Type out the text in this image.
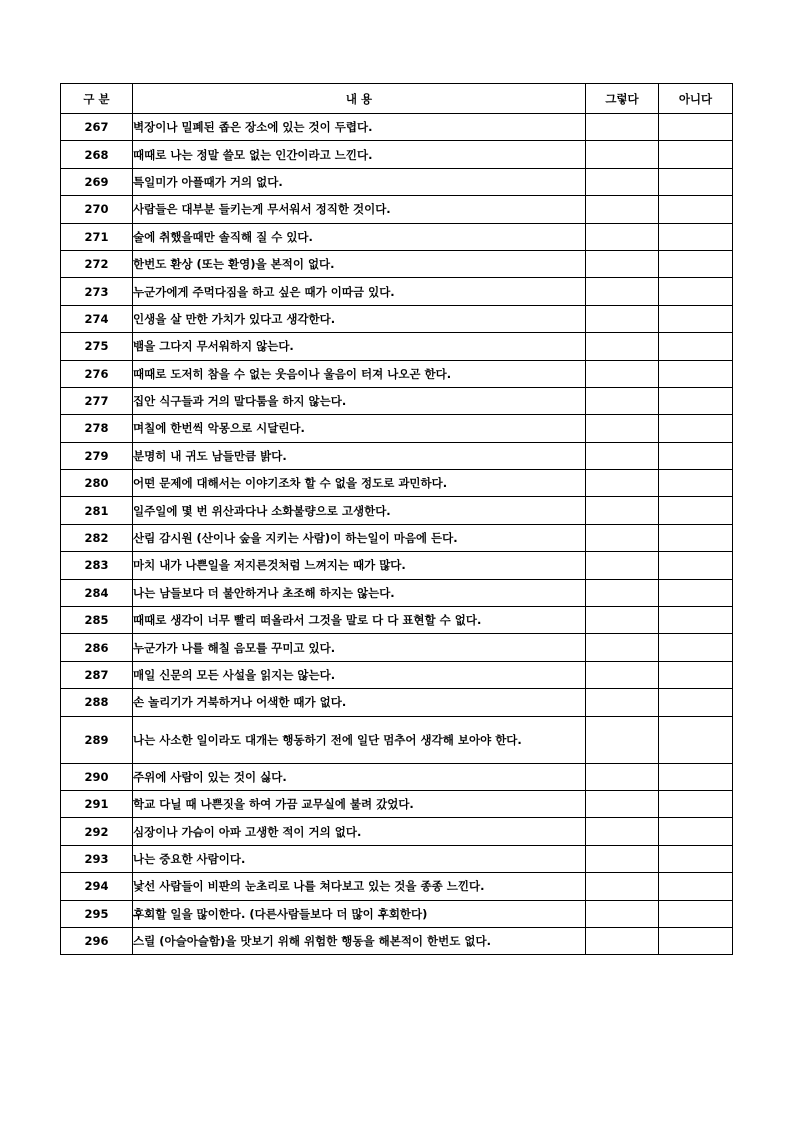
구 분	내 용	그렇다	아니다
267	벽장이나 밀폐된 좁은 장소에 있는 것이 두렵다.		
268	때때로 나는 정말 쓸모 없는 인간이라고 느낀다.		
269	특일미가 아플때가 거의 없다.		
270	사람들은 대부분 들키는게 무서워서 정직한 것이다.		
271	술에 취했을때만 솔직해 질 수 있다.		
272	한번도 환상 (또는 환영)을 본적이 없다.		
273	누군가에게 주먹다짐을 하고 싶은 때가 이따금 있다.		
274	인생을 살 만한 가치가 있다고 생각한다.		
275	뱀을 그다지 무서워하지 않는다.		
276	때때로 도저히 참을 수 없는 웃음이나 울음이 터져 나오곤 한다.		
277	집안 식구들과 거의 말다툼을 하지 않는다.		
278	며칠에 한번씩 악몽으로 시달린다.		
279	분명히 내 귀도 남들만큼 밝다.		
280	어떤 문제에 대해서는 이야기조차 할 수 없을 정도로 과민하다.		
281	일주일에 몇 번 위산과다나 소화불량으로 고생한다.		
282	산림 감시원 (산이나 숲을 지키는 사람)이 하는일이 마음에 든다.		
283	마치 내가 나쁜일을 저지른것처럼 느껴지는 때가 많다.		
284	나는 남들보다 더 불안하거나 초조해 하지는 않는다.		
285	때때로 생각이 너무 빨리 떠올라서 그것을 말로 다 다 표현할 수 없다.		
286	누군가가 나를 해칠 음모를 꾸미고 있다.		
287	매일 신문의 모든 사설을 읽지는 않는다.		
288	손 놀리기가 거북하거나 어색한 때가 없다.		
289	나는 사소한 일이라도 대개는 행동하기 전에 일단 멈추어 생각해 보아야 한다.		
290	주위에 사람이 있는 것이 싫다.		
291	학교 다닐 때 나쁜짓을 하여 가끔 교무실에 불려 갔었다.		
292	심장이나 가슴이 아파 고생한 적이 거의 없다.		
293	나는 중요한 사람이다.		
294	낯선 사람들이 비판의 눈초리로 나를 쳐다보고 있는 것을 종종 느낀다.		
295	후회할 일을 많이한다. (다른사람들보다 더 많이 후회한다)		
296	스릴 (아슬아슬함)을 맛보기 위해 위험한 행동을 해본적이 한번도 없다.		
